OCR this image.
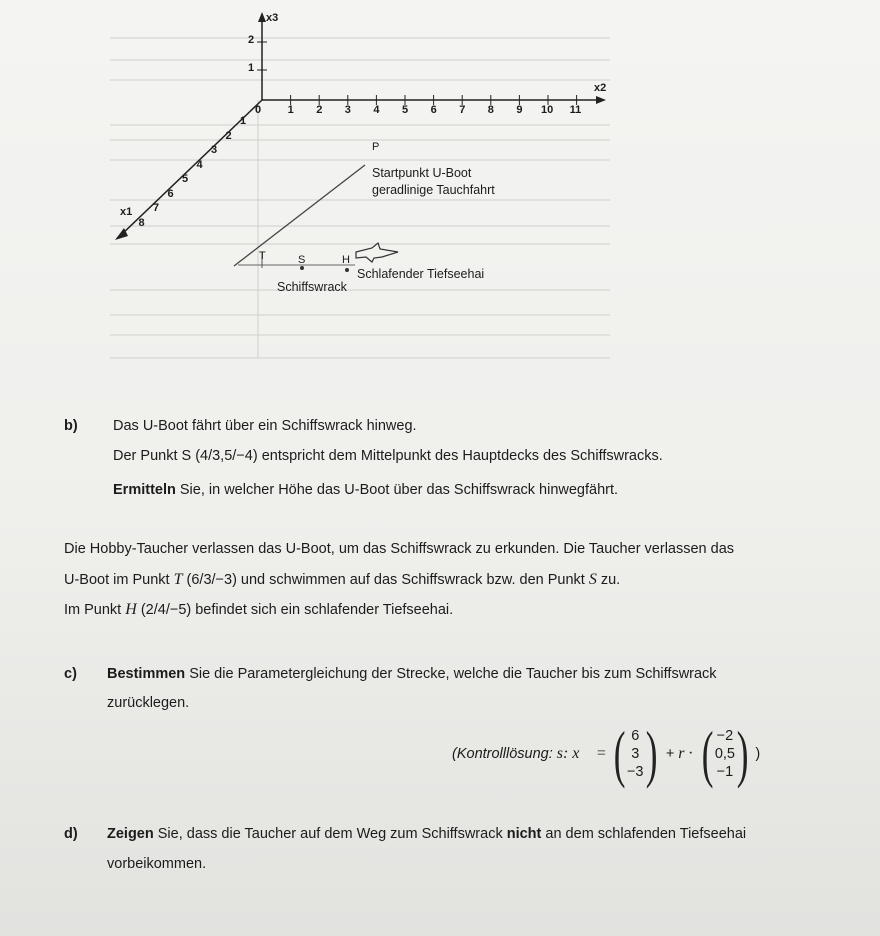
x3
x2
x1
0 1 2 3 4 5 6 7 8 9 10 11
1
2
1
2
3
4
5
6
7
8
P
Startpunkt U-Boot
geradlinige Tauchfahrt
T	S	H
Schlafender Tiefseehai
Schiffswrack
b) Das U-Boot fährt über ein Schiffswrack hinweg.
Der Punkt S (4/3,5/−4) entspricht dem Mittelpunkt des Hauptdecks des Schiffswracks.
Ermitteln Sie, in welcher Höhe das U-Boot über das Schiffswrack hinwegfährt.
Die Hobby-Taucher verlassen das U-Boot, um das Schiffswrack zu erkunden. Die Taucher verlassen das
U-Boot im Punkt T (6/3/−3) und schwimmen auf das Schiffswrack bzw. den Punkt S zu.
Im Punkt H (2/4/−5) befindet sich ein schlafender Tiefseehai.
c) Bestimmen Sie die Parametergleichung der Strecke, welche die Taucher bis zum Schiffswrack
zurücklegen.
(Kontrolllösung: s: x⃗ = ( 6
3
−3 ) + r · ( −2
0,5
−1 ) )
d) Zeigen Sie, dass die Taucher auf dem Weg zum Schiffswrack nicht an dem schlafenden Tiefseehai
vorbeikommen.
